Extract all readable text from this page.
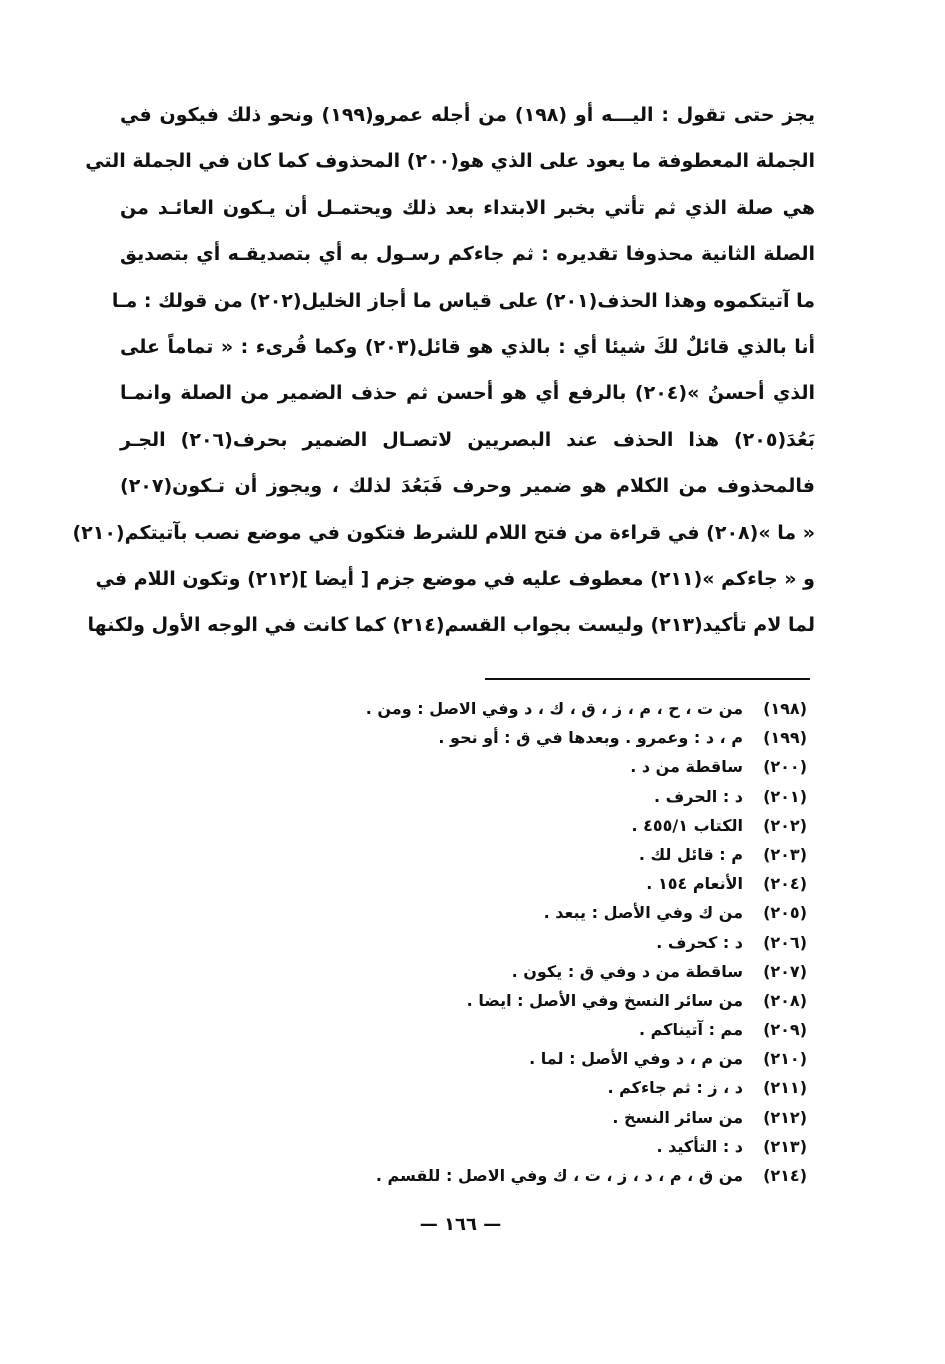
يجز حتى تقول : اليـــه أو (١٩٨) من أجله عمرو(١٩٩) ونحو ذلك فيكون في
الجملة المعطوفة ما يعود على الذي هو(٢٠٠) المحذوف كما كان في الجملة التي
هي صلة الذي ثم تأتي بخبر الابتداء بعد ذلك ويحتمـل أن يـكون العائـد من
الصلة الثانية محذوفا تقديره : ثم جاءكم رسـول به أي بتصديقـه أي بتصديق
ما آتيتكموه وهذا الحذف(٢٠١) على قياس ما أجاز الخليل(٢٠٢) من قولك : مـا
أنا بالذي قائلٌ لكَ شيئا أي : بالذي هو قائل(٢٠٣) وكما قُرىء : « تماماً على
الذي أحسنُ »(٢٠٤) بالرفع أي هو أحسن ثم حذف الضمير من الصلة وانمـا
بَعُدَ(٢٠٥) هذا الحذف عند البصريين لاتصـال الضمير بحرف(٢٠٦) الجـر
فالمحذوف من الكلام هو ضمير وحرف فَبَعُدَ لذلك ، ويجوز أن تـكون(٢٠٧)
« ما »(٢٠٨) في قراءة من فتح اللام للشرط فتكون في موضع نصب بآتيتكم(٢١٠)
و « جاءكم »(٢١١) معطوف عليه في موضع جزم [ أيضا ](٢١٢) وتكون اللام في
لما لام تأكيد(٢١٣) وليست بجواب القسم(٢١٤) كما كانت في الوجه الأول ولكنها
(١٩٨)
من ت ، ح ، م ، ز ، ق ، ك ، د وفي الاصل : ومن .
(١٩٩)
م ، د : وعمرو . وبعدها في ق : أو نحو .
(٢٠٠)
ساقطة من د .
(٢٠١)
د : الحرف .
(٢٠٢)
الكتاب ٤٥٥/١ .
(٢٠٣)
م : قائل لك .
(٢٠٤)
الأنعام ١٥٤ .
(٢٠٥)
من ك وفي الأصل : يبعد .
(٢٠٦)
د : كحرف .
(٢٠٧)
ساقطة من د وفي ق : يكون .
(٢٠٨)
من سائر النسخ وفي الأصل : ايضا .
(٢٠٩)
مم : آتيناكم .
(٢١٠)
من م ، د وفي الأصل : لما .
(٢١١)
د ، ز : ثم جاءكم .
(٢١٢)
من سائر النسخ .
(٢١٣)
د : التأكيد .
(٢١٤)
من ق ، م ، د ، ز ، ت ، ك وفي الاصل : للقسم .
— ١٦٦ —
